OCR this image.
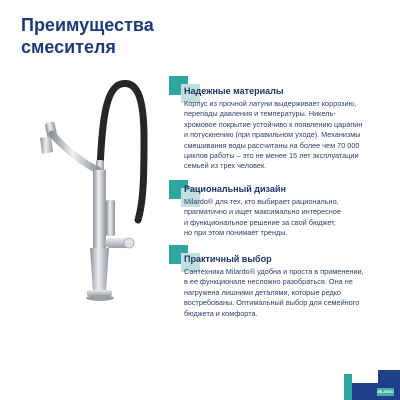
Преимущества
смесителя
Надежные материалы

Корпус из прочной латуни выдерживает коррозию,
перепады давления и температуры. Никель-
хромовое покрытие устойчиво к появлению царапин
и потускнению (при правильном уходе). Механизмы
смешивания воды рассчитаны на более чем 70 000
циклов работы – это не менее 15 лет эксплуатации
семьей из трех человек.

Рациональный дизайн

Milardo® для тех, кто выбирает рационально,
прагматично и ищет максимально интересное
и функциональное решение за свой бюджет,
но при этом понимает тренды.

Практичный выбор

Сантехника Milardo® удобна и проста в применении,
в ее функционале несложно разобраться. Она не
нагружена лишними деталями, которые редко
востребованы. Оптимальный выбор для семейного
бюджета и комфорта.

MILARDO
